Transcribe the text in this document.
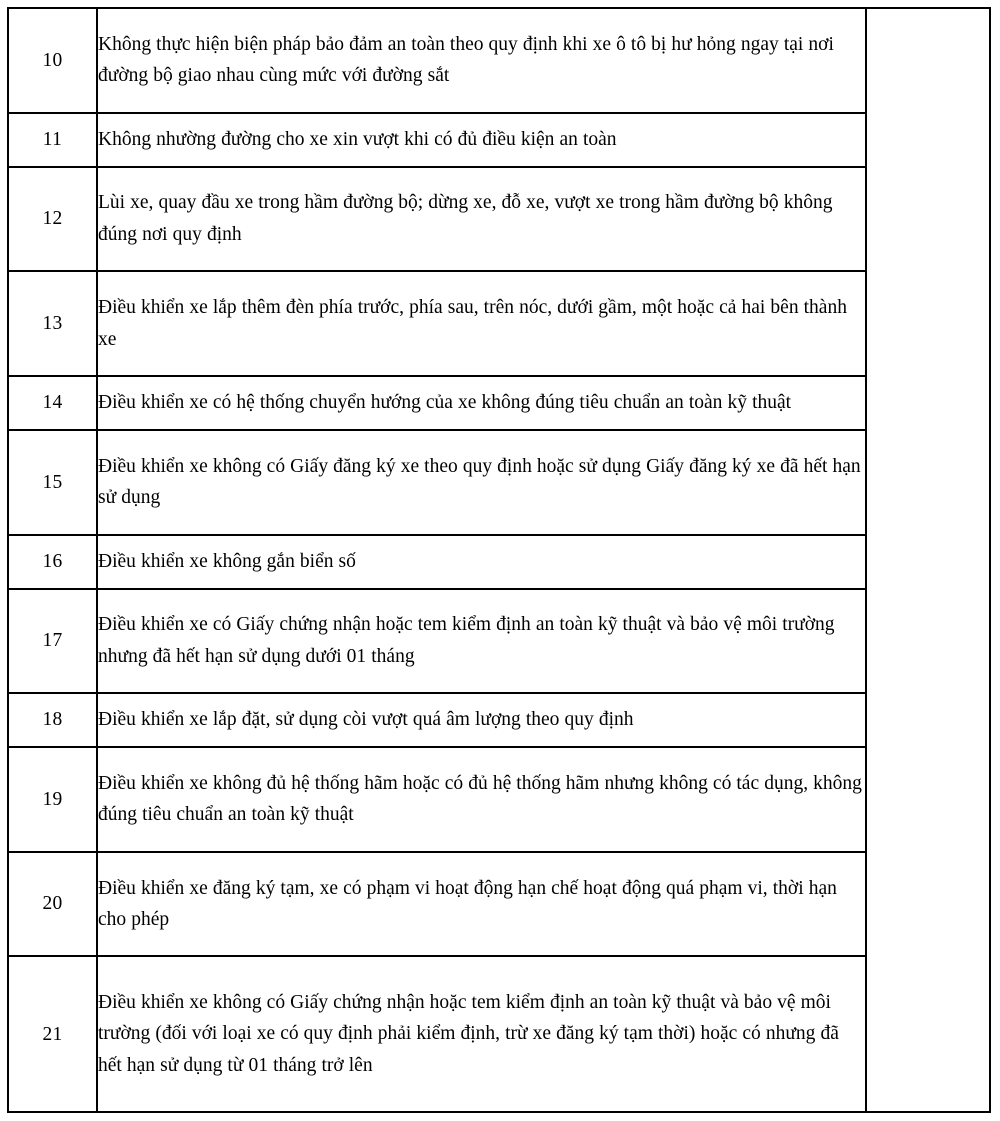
10	Không thực hiện biện pháp bảo đảm an toàn theo quy định khi xe ô tô bị hư hỏng ngay tại nơi đường bộ giao nhau cùng mức với đường sắt	

11	Không nhường đường cho xe xin vượt khi có đủ điều kiện an toàn	

12	Lùi xe, quay đầu xe trong hầm đường bộ; dừng xe, đỗ xe, vượt xe trong hầm đường bộ không đúng nơi quy định	

13	Điều khiển xe lắp thêm đèn phía trước, phía sau, trên nóc, dưới gầm, một hoặc cả hai bên thành xe	

14	Điều khiển xe có hệ thống chuyển hướng của xe không đúng tiêu chuẩn an toàn kỹ thuật	

15	Điều khiển xe không có Giấy đăng ký xe theo quy định hoặc sử dụng Giấy đăng ký xe đã hết hạn sử dụng	

16	Điều khiển xe không gắn biển số	

17	Điều khiển xe có Giấy chứng nhận hoặc tem kiểm định an toàn kỹ thuật và bảo vệ môi trường nhưng đã hết hạn sử dụng dưới 01 tháng	

18	Điều khiển xe lắp đặt, sử dụng còi vượt quá âm lượng theo quy định	

19	Điều khiển xe không đủ hệ thống hãm hoặc có đủ hệ thống hãm nhưng không có tác dụng, không đúng tiêu chuẩn an toàn kỹ thuật	

20	Điều khiển xe đăng ký tạm, xe có phạm vi hoạt động hạn chế hoạt động quá phạm vi, thời hạn cho phép	

21	Điều khiển xe không có Giấy chứng nhận hoặc tem kiểm định an toàn kỹ thuật và bảo vệ môi trường (đối với loại xe có quy định phải kiểm định, trừ xe đăng ký tạm thời) hoặc có nhưng đã hết hạn sử dụng từ 01 tháng trở lên	
